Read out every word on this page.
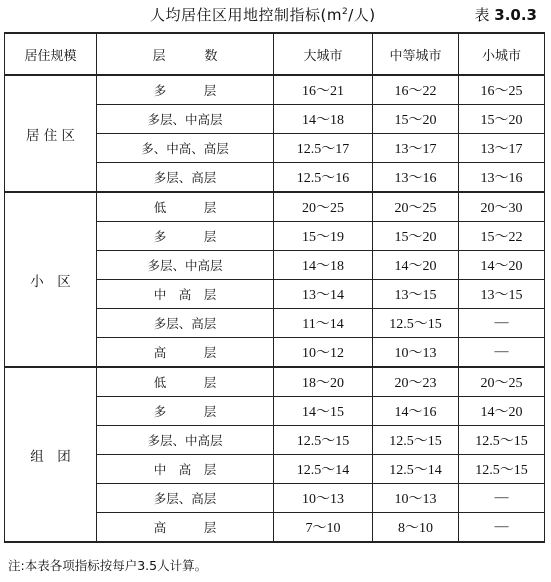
人均居住区用地控制指标($m^2/$人)	表 3.0.3
居住规模	层　　　数	大城市	中等城市	小城市
居 住 区	多　　　层	16～21	16～22	16～25
	多层、中高层	14～18	15～20	15～20
	多、中高、高层	12.5～17	13～17	13～17
	多层、高层	12.5～16	13～16	13～16
小　区	低　　　层	20～25	20～25	20～30
	多　　　层	15～19	15～20	15～22
	多层、中高层	14～18	14～20	14～20
	中　高　层	13～14	13～15	13～15
	多层、高层	11～14	12.5～15	—
	高　　　层	10～12	10～13	—
组　团	低　　　层	18～20	20～23	20～25
	多　　　层	14～15	14～16	14～20
	多层、中高层	12.5～15	12.5～15	12.5～15
	中　高　层	12.5～14	12.5～14	12.5～15
	多层、高层	10～13	10～13	—
	高　　　层	7～10	8～10	—
注:本表各项指标按每户3.5人计算。
